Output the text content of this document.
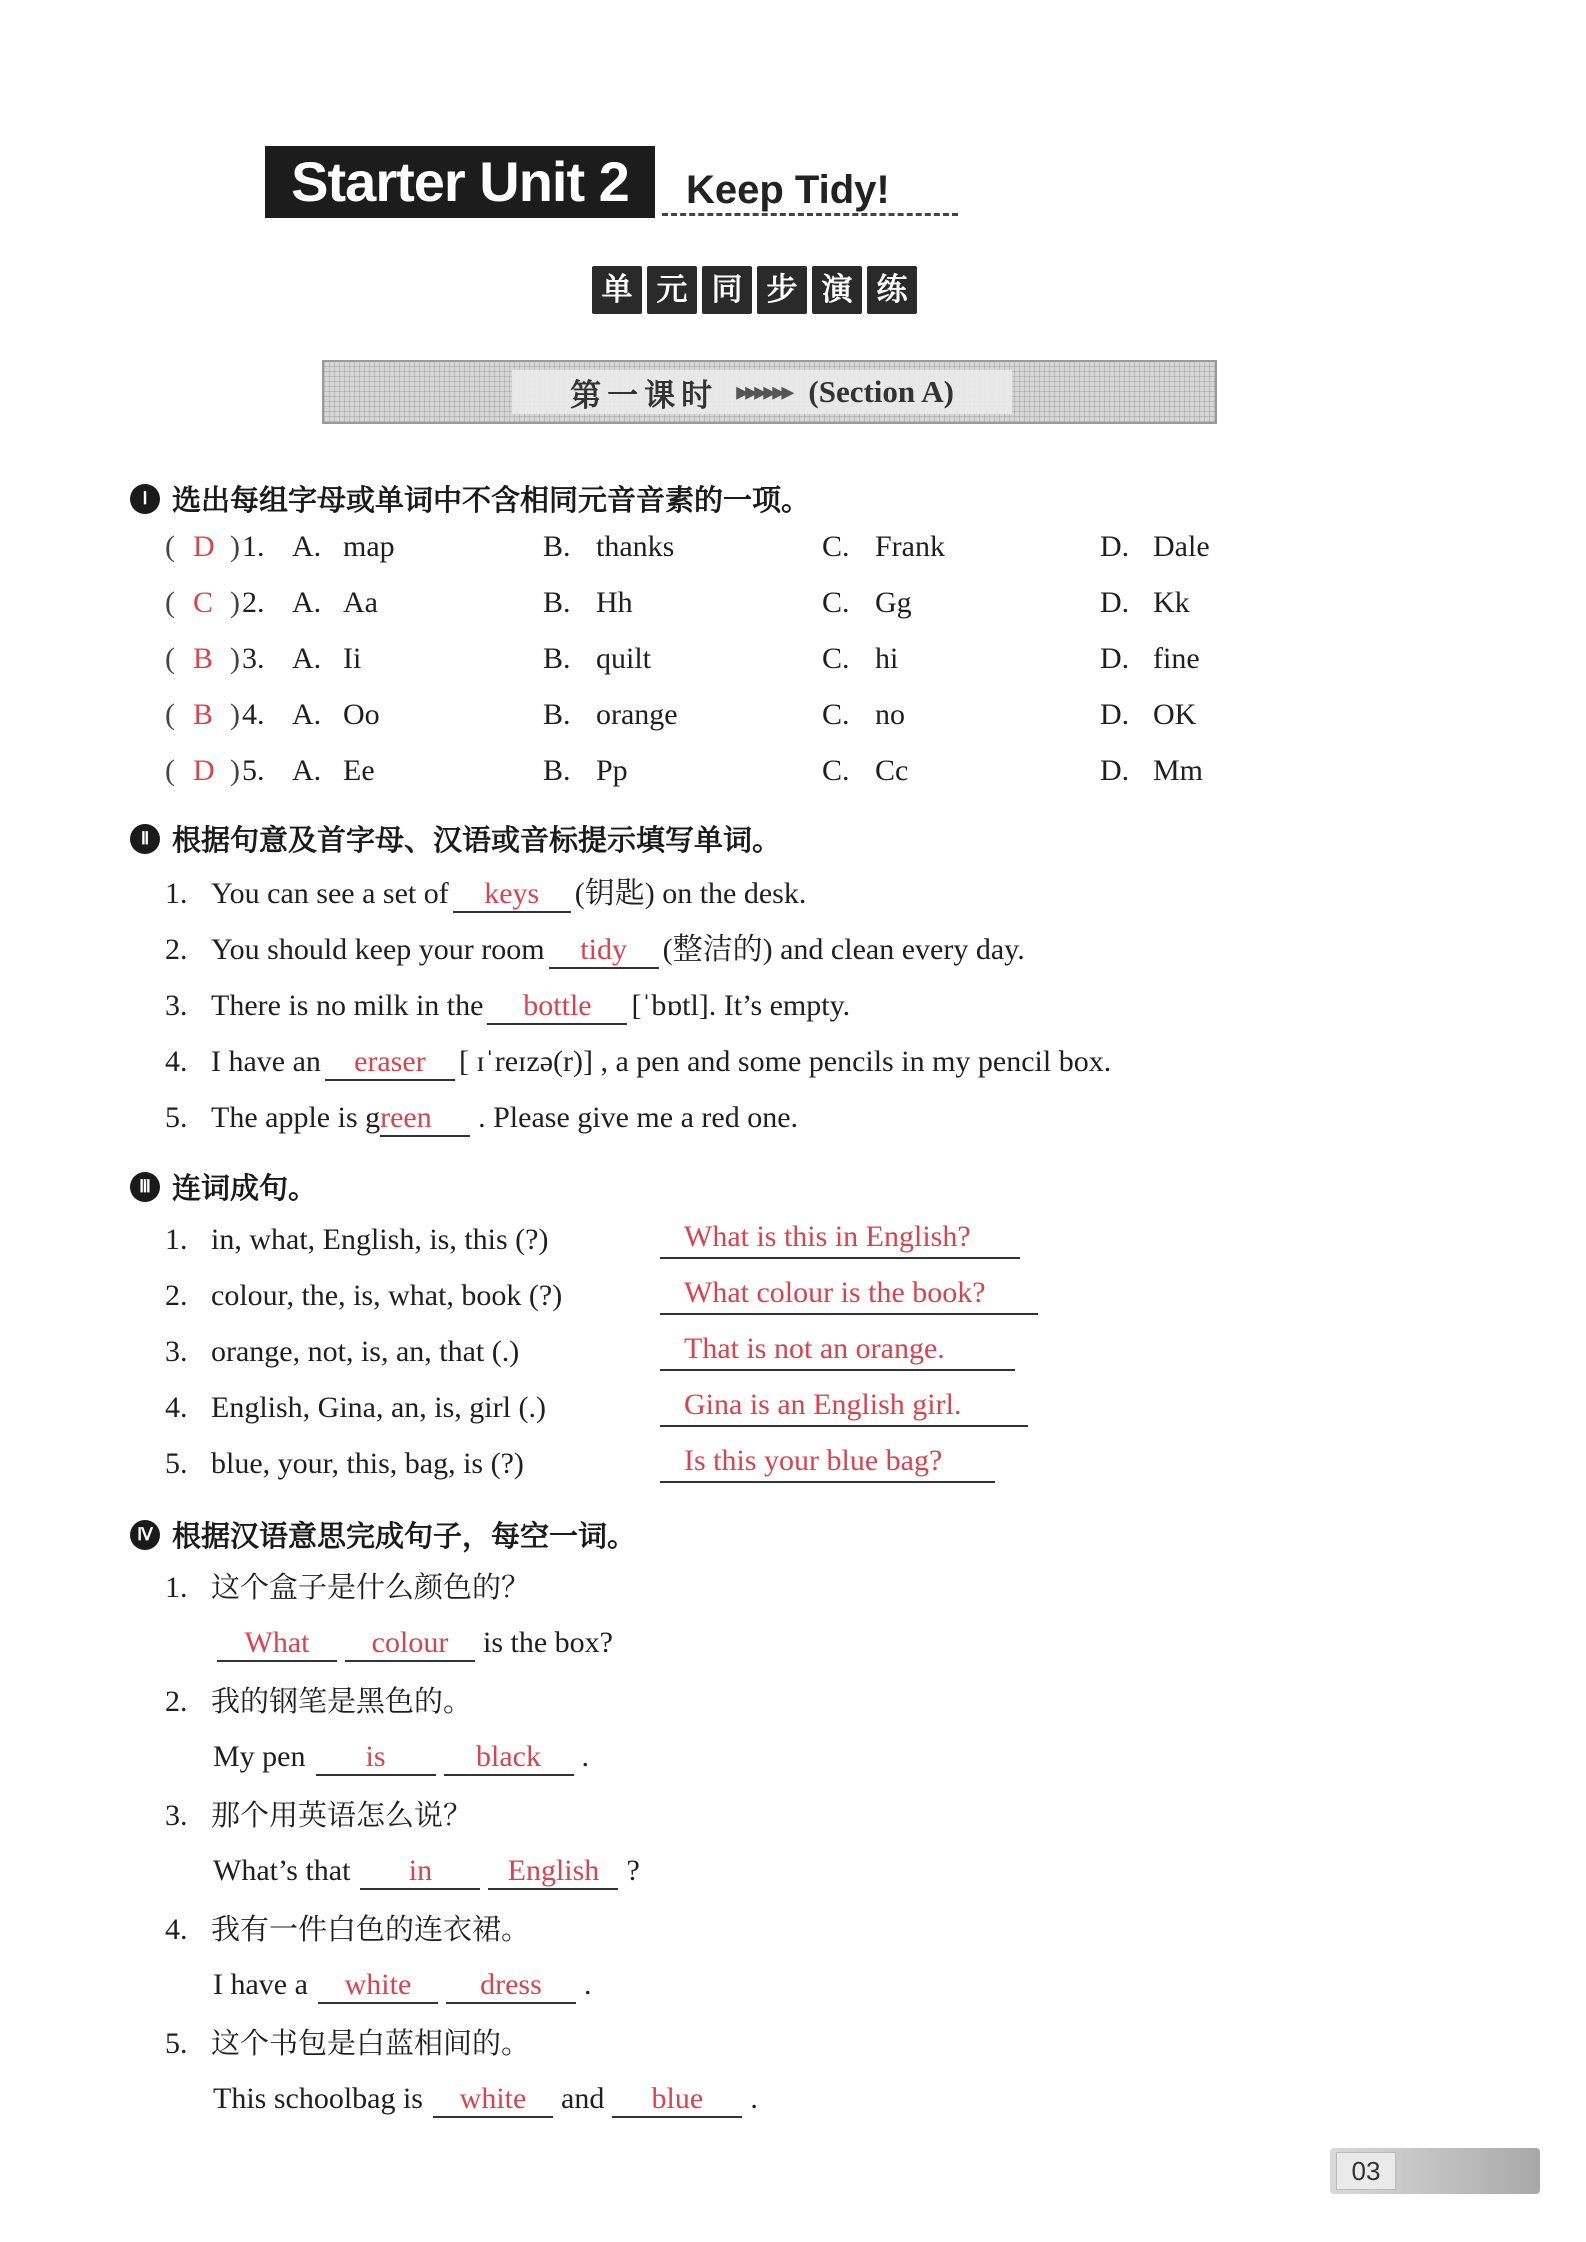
Starter Unit 2	Keep Tidy!
单 元 同 步 演 练
第一课时 ▸▸▸▸▸▸ (Section A)
Ⅰ 选出每组字母或单词中不含相同元音音素的一项。
( D ) 1. A. map	B. thanks	C. Frank	D. Dale
( C ) 2. A. Aa	B. Hh	C. Gg	D. Kk
( B ) 3. A. Ii	B. quilt	C. hi	D. fine
( B ) 4. A. Oo	B. orange	C. no	D. OK
( D ) 5. A. Ee	B. Pp	C. Cc	D. Mm
Ⅱ 根据句意及首字母、汉语或音标提示填写单词。
1. You can see a set of keys (钥匙) on the desk.
2. You should keep your room tidy (整洁的) and clean every day.
3. There is no milk in the bottle [ˈbɒtl]. It’s empty.
4. I have an eraser [ ɪˈreɪzə(r)] , a pen and some pencils in my pencil box.
5. The apple is green . Please give me a red one.
Ⅲ 连词成句。
1. in, what, English, is, this (?)	What is this in English?
2. colour, the, is, what, book (?)	What colour is the book?
3. orange, not, is, an, that (.)	That is not an orange.
4. English, Gina, an, is, girl (.)	Gina is an English girl.
5. blue, your, this, bag, is (?)	Is this your blue bag?
Ⅳ 根据汉语意思完成句子，每空一词。
1. 这个盒子是什么颜色的？
What colour is the box?
2. 我的钢笔是黑色的。
My pen is	black .
3. 那个用英语怎么说？
What’s that in	English ?
4. 我有一件白色的连衣裙。
I have a white dress .
5. 这个书包是白蓝相间的。
This schoolbag is white and blue .
03
